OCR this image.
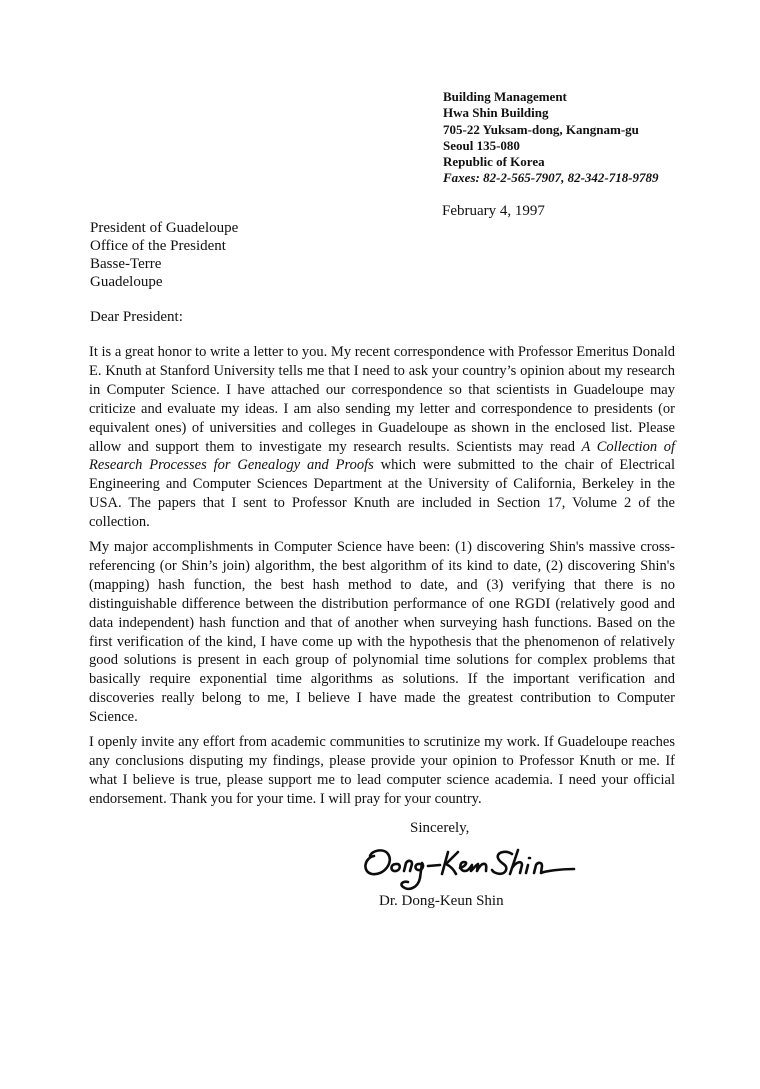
Building Management
Hwa Shin Building
705-22 Yuksam-dong, Kangnam-gu
Seoul 135-080
Republic of Korea
Faxes: 82-2-565-7907, 82-342-718-9789
February 4, 1997
President of Guadeloupe
Office of the President
Basse-Terre
Guadeloupe
Dear President:

It is a great honor to write a letter to you. My recent correspondence with Professor Emeritus Donald E. Knuth at Stanford University tells me that I need to ask your country’s opinion about my research in Computer Science. I have attached our correspondence so that scientists in Guadeloupe may criticize and evaluate my ideas. I am also sending my letter and correspondence to presidents (or equivalent ones) of universities and colleges in Guadeloupe as shown in the enclosed list. Please allow and support them to investigate my research results. Scientists may read A Collection of Research Processes for Genealogy and Proofs which were submitted to the chair of Electrical Engineering and Computer Sciences Department at the University of California, Berkeley in the USA. The papers that I sent to Professor Knuth are included in Section 17, Volume 2 of the collection.

My major accomplishments in Computer Science have been: (1) discovering Shin's massive cross-referencing (or Shin’s join) algorithm, the best algorithm of its kind to date, (2) discovering Shin's (mapping) hash function, the best hash method to date, and (3) verifying that there is no distinguishable difference between the distribution performance of one RGDI (relatively good and data independent) hash function and that of another when surveying hash functions. Based on the first verification of the kind, I have come up with the hypothesis that the phenomenon of relatively good solutions is present in each group of polynomial time solutions for complex problems that basically require exponential time algorithms as solutions. If the important verification and discoveries really belong to me, I believe I have made the greatest contribution to Computer Science.

I openly invite any effort from academic communities to scrutinize my work. If Guadeloupe reaches any conclusions disputing my findings, please provide your opinion to Professor Knuth or me. If what I believe is true, please support me to lead computer science academia. I need your official endorsement. Thank you for your time. I will pray for your country.

Sincerely,
Dr. Dong-Keun Shin
